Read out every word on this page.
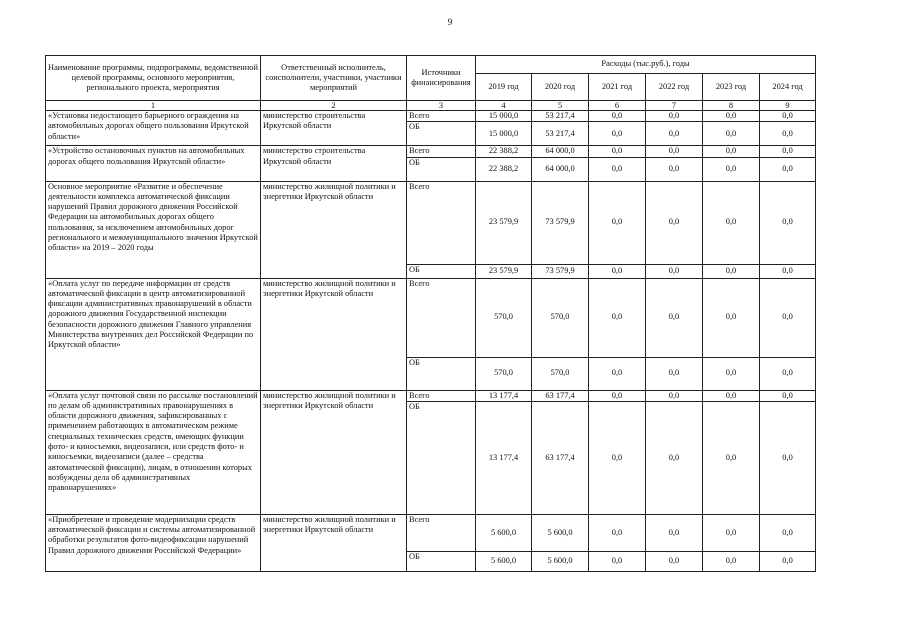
9
Наименование программы, подпрограммы, ведомственной целевой программы, основного мероприятия, регионального проекта, мероприятия	Ответственный исполнитель, соисполнители, участники, участники мероприятий	Источники финансирования	Расходы (тыс.руб.), годы					
			2019 год	2020 год	2021 год	2022 год	2023 год	2024 год
1	2	3	4	5	6	7	8	9
«Установка недостающего барьерного ограждения на автомобильных дорогах общего пользования Иркутской области»	министерство строительства Иркутской области	Всего	15 000,0	53 217,4	0,0	0,0	0,0	0,0
		ОБ	15 000,0	53 217,4	0,0	0,0	0,0	0,0
«Устройство остановочных пунктов на автомобильных дорогах общего пользования Иркутской области»	министерство строительства Иркутской области	Всего	22 388,2	64 000,0	0,0	0,0	0,0	0,0
		ОБ	22 388,2	64 000,0	0,0	0,0	0,0	0,0
Основное мероприятие «Развитие и обеспечение деятельности комплекса автоматической фиксации нарушений Правил дорожного движения Российской Федерации на автомобильных дорогах общего пользования, за исключением автомобильных дорог регионального и межмуниципального значения Иркутской области» на 2019 – 2020 годы	министерство жилищной политики и энергетики Иркутской области	Всего	23 579,9	73 579,9	0,0	0,0	0,0	0,0
		ОБ	23 579,9	73 579,9	0,0	0,0	0,0	0,0
«Оплата услуг по передаче информации от средств автоматической фиксации в центр автоматизированной фиксации административных правонарушений в области дорожного движения Государственной инспекции безопасности дорожного движения Главного управления Министерства внутренних дел Российской Федерации по Иркутской области»	министерство жилищной политики и энергетики Иркутской области	Всего	570,0	570,0	0,0	0,0	0,0	0,0
		ОБ	570,0	570,0	0,0	0,0	0,0	0,0
«Оплата услуг почтовой связи по рассылке постановлений по делам об административных правонарушениях в области дорожного движения, зафиксированных с применением работающих в автоматическом режиме специальных технических средств, имеющих функции фото- и киносъемки, видеозаписи, или средств фото- и киносъемки, видеозаписи (далее – средства автоматической фиксации), лицам, в отношении которых возбуждены дела об административных правонарушениях»	министерство жилищной политики и энергетики Иркутской области	Всего	13 177,4	63 177,4	0,0	0,0	0,0	0,0
		ОБ	13 177,4	63 177,4	0,0	0,0	0,0	0,0
«Приобретение и проведение модернизации средств автоматической фиксации и системы автоматизированной обработки результатов фото-видеофиксации нарушений Правил дорожного движения Российской Федерации»	министерство жилищной политики и энергетики Иркутской области	Всего	5 600,0	5 600,0	0,0	0,0	0,0	0,0
		ОБ	5 600,0	5 600,0	0,0	0,0	0,0	0,0
